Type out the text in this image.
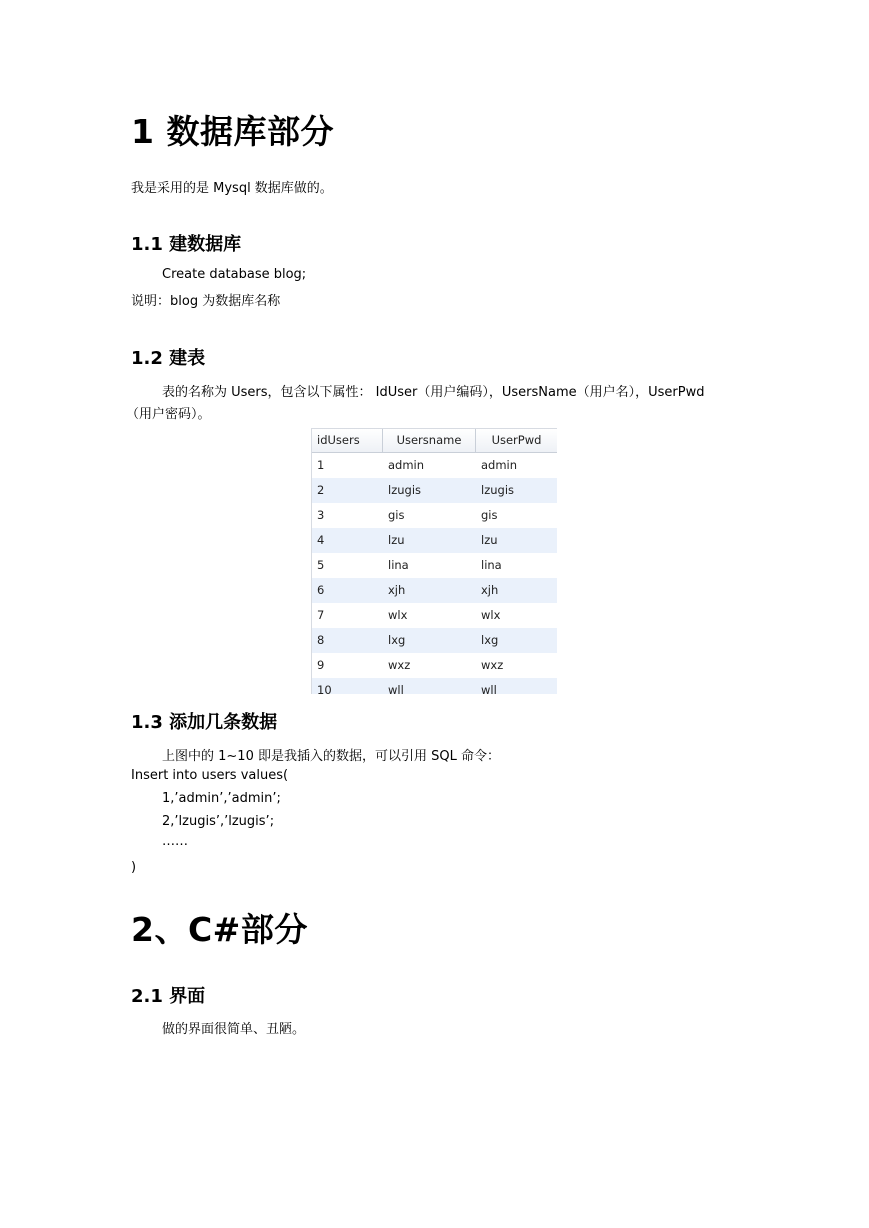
1 数据库部分
我是采用的是 Mysql 数据库做的。
1.1 建数据库
Create database blog;
说明：blog 为数据库名称
1.2 建表
表的名称为 Users，包含以下属性： IdUser（用户编码），UsersName（用户名），UserPwd
（用户密码）。
idUsers	Usersname	UserPwd
1	admin	admin
2	lzugis	lzugis
3	gis	gis
4	lzu	lzu
5	lina	lina
6	xjh	xjh
7	wlx	wlx
8	lxg	lxg
9	wxz	wxz
10	wll	wll
1.3 添加几条数据
上图中的 1~10 即是我插入的数据，可以引用 SQL 命令：
Insert into users values(
1,’admin’,’admin’;
2,’lzugis’,’lzugis’;
……
)
2、C#部分
2.1 界面
做的界面很简单、丑陋。
